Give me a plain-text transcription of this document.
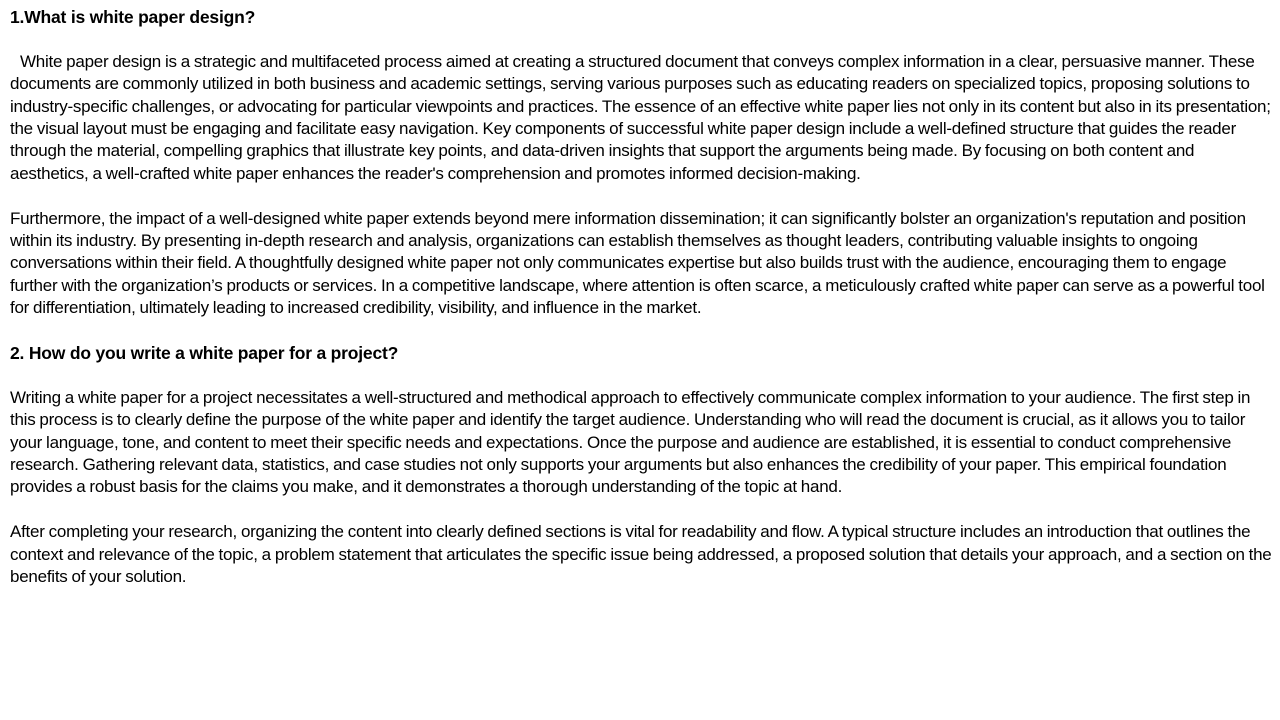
1.What is white paper design?

White paper design is a strategic and multifaceted process aimed at creating a structured document that conveys complex information in a clear, persuasive manner. These documents are commonly utilized in both business and academic settings, serving various purposes such as educating readers on specialized topics, proposing solutions to industry-specific challenges, or advocating for particular viewpoints and practices. The essence of an effective white paper lies not only in its content but also in its presentation; the visual layout must be engaging and facilitate easy navigation. Key components of successful white paper design include a well-defined structure that guides the reader through the material, compelling graphics that illustrate key points, and data-driven insights that support the arguments being made. By focusing on both content and aesthetics, a well-crafted white paper enhances the reader's comprehension and promotes informed decision-making.

Furthermore, the impact of a well-designed white paper extends beyond mere information dissemination; it can significantly bolster an organization's reputation and position within its industry. By presenting in-depth research and analysis, organizations can establish themselves as thought leaders, contributing valuable insights to ongoing conversations within their field. A thoughtfully designed white paper not only communicates expertise but also builds trust with the audience, encouraging them to engage further with the organization’s products or services. In a competitive landscape, where attention is often scarce, a meticulously crafted white paper can serve as a powerful tool for differentiation, ultimately leading to increased credibility, visibility, and influence in the market.

2. How do you write a white paper for a project?

Writing a white paper for a project necessitates a well-structured and methodical approach to effectively communicate complex information to your audience. The first step in this process is to clearly define the purpose of the white paper and identify the target audience. Understanding who will read the document is crucial, as it allows you to tailor your language, tone, and content to meet their specific needs and expectations. Once the purpose and audience are established, it is essential to conduct comprehensive research. Gathering relevant data, statistics, and case studies not only supports your arguments but also enhances the credibility of your paper. This empirical foundation provides a robust basis for the claims you make, and it demonstrates a thorough understanding of the topic at hand.

After completing your research, organizing the content into clearly defined sections is vital for readability and flow. A typical structure includes an introduction that outlines the context and relevance of the topic, a problem statement that articulates the specific issue being addressed, a proposed solution that details your approach, and a section on the benefits of your solution.
